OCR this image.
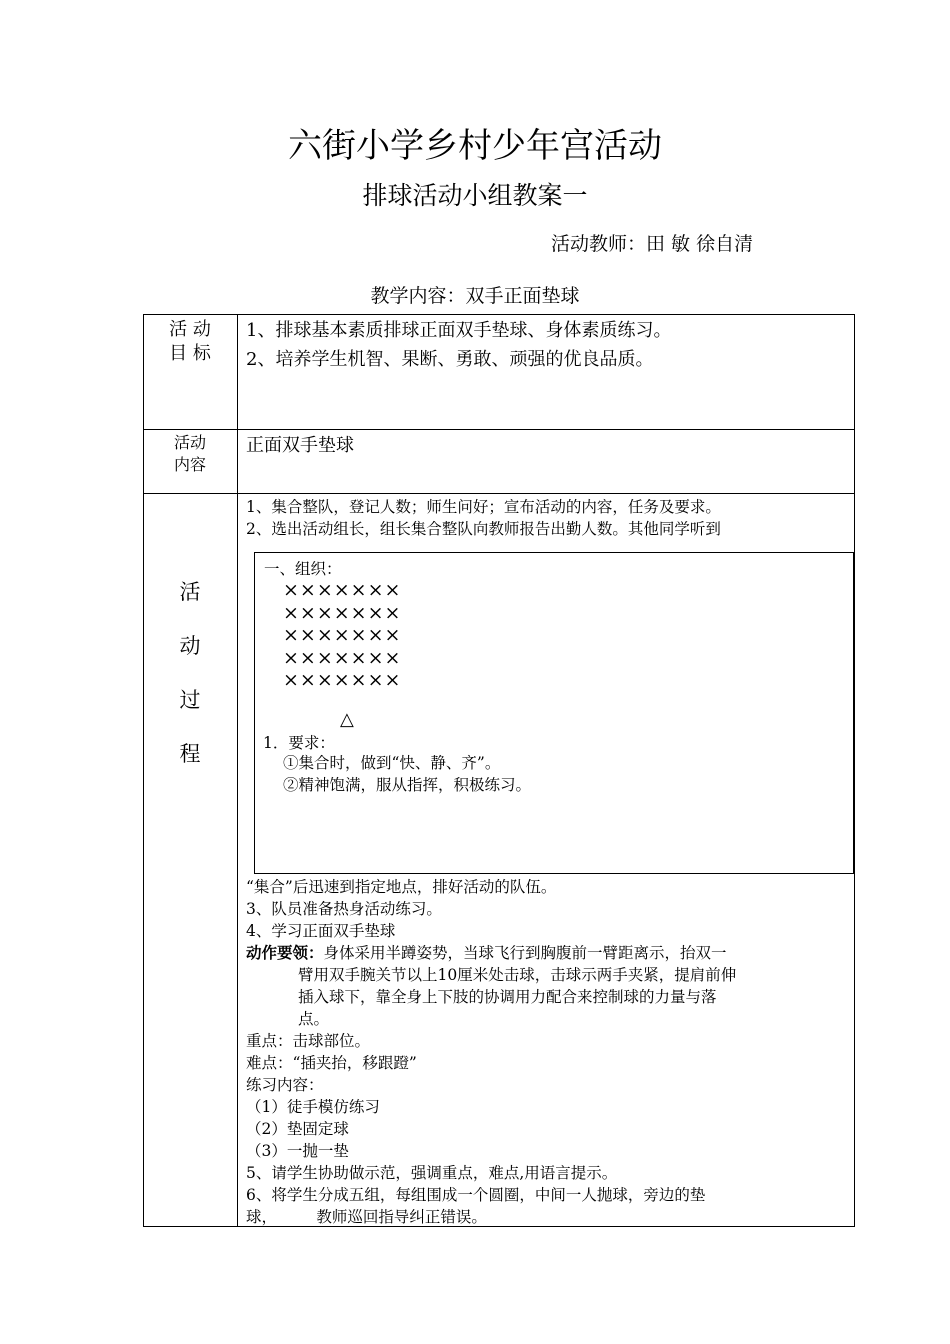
六街小学乡村少年宫活动
排球活动小组教案一
活动教师：田 敏 徐自清
教学内容：双手正面垫球
活 动
目 标
1、排球基本素质排球正面双手垫球、身体素质练习。
2、培养学生机智、果断、勇敢、顽强的优良品质。
活动
内容
正面双手垫球
活
动
过
程
1、集合整队，登记人数；师生问好；宣布活动的内容，任务及要求。
2、选出活动组长，组长集合整队向教师报告出勤人数。其他同学听到
一、组织：
×××××××
×××××××
×××××××
×××××××
×××××××
△
1．要求：
①集合时，做到“快、静、齐”。
②精神饱满，服从指挥，积极练习。
“集合”后迅速到指定地点，排好活动的队伍。
3、队员准备热身活动练习。
4、学习正面双手垫球
动作要领：身体采用半蹲姿势，当球飞行到胸腹前一臂距离示，抬双一
臂用双手腕关节以上10厘米处击球，击球示两手夹紧，提肩前伸
插入球下，靠全身上下肢的协调用力配合来控制球的力量与落
点。
重点：击球部位。
难点：“插夹抬，移跟蹬”
练习内容：
（1）徒手模仿练习
（2）垫固定球
（3）一抛一垫
5、请学生协助做示范，强调重点，难点,用语言提示。
6、将学生分成五组，每组围成一个圆圈，中间一人抛球，旁边的垫
球，        教师巡回指导纠正错误。
